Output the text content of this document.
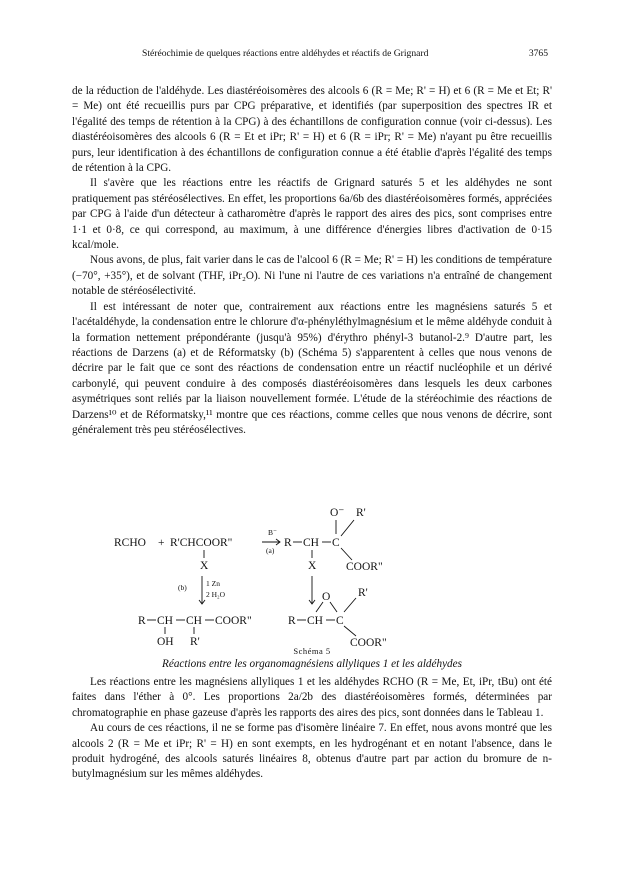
Stéréochimie de quelques réactions entre aldéhydes et réactifs de Grignard	3765

de la réduction de l'aldéhyde. Les diastéréoisomères des alcools 6 (R = Me; R' = H) et 6 (R = Me et Et; R' = Me) ont été recueillis purs par CPG préparative, et identifiés (par superposition des spectres IR et l'égalité des temps de rétention à la CPG) à des échantillons de configuration connue (voir ci-dessus). Les diastéréoisomères des alcools 6 (R = Et et iPr; R' = H) et 6 (R = iPr; R' = Me) n'ayant pu être recueillis purs, leur identification à des échantillons de configuration connue a été établie d'après l'égalité des temps de rétention à la CPG.

Il s'avère que les réactions entre les réactifs de Grignard saturés 5 et les aldéhydes ne sont pratiquement pas stéréosélectives. En effet, les proportions 6a/6b des diastéréoisomères formés, appréciées par CPG à l'aide d'un détecteur à catharomètre d'après le rapport des aires des pics, sont comprises entre 1·1 et 0·8, ce qui correspond, au maximum, à une différence d'énergies libres d'activation de 0·15 kcal/mole.

Nous avons, de plus, fait varier dans le cas de l'alcool 6 (R = Me; R' = H) les conditions de température (−70°, +35°), et de solvant (THF, iPr₂O). Ni l'une ni l'autre de ces variations n'a entraîné de changement notable de stéréosélectivité.

Il est intéressant de noter que, contrairement aux réactions entre les magnésiens saturés 5 et l'acétaldéhyde, la condensation entre le chlorure d'α-phényléthylmagnésium et le même aldéhyde conduit à la formation nettement prépondérante (jusqu'à 95%) d'érythro phényl-3 butanol-2.⁹ D'autre part, les réactions de Darzens (a) et de Réformatsky (b) (Schéma 5) s'apparentent à celles que nous venons de décrire par le fait que ce sont des réactions de condensation entre un réactif nucléophile et un dérivé carbonylé, qui peuvent conduire à des composés diastéréoisomères dans lesquels les deux carbones asymétriques sont reliés par la liaison nouvellement formée. L'étude de la stéréochimie des réactions de Darzens¹⁰ et de Réformatsky,¹¹ montre que ces réactions, comme celles que nous venons de décrire, sont généralement très peu stéréosélectives.

RCHO + R'CHCOOR"
X
B⁻
(a)
R CH C
O⁻ R'
COOR"
X
(b)	1 Zn
2 H₂O
R CH CH COOR"
OH R'
R CH C
O R'
COOR"
Schéma 5
Réactions entre les organomagnésiens allyliques 1 et les aldéhydes

Les réactions entre les magnésiens allyliques 1 et les aldéhydes RCHO (R = Me, Et, iPr, tBu) ont été faites dans l'éther à 0°. Les proportions 2a/2b des diastéréoisomères formés, déterminées par chromatographie en phase gazeuse d'après les rapports des aires des pics, sont données dans le Tableau 1.

Au cours de ces réactions, il ne se forme pas d'isomère linéaire 7. En effet, nous avons montré que les alcools 2 (R = Me et iPr; R' = H) en sont exempts, en les hydrogénant et en notant l'absence, dans le produit hydrogéné, des alcools saturés linéaires 8, obtenus d'autre part par action du bromure de n-butylmagnésium sur les mêmes aldéhydes.
